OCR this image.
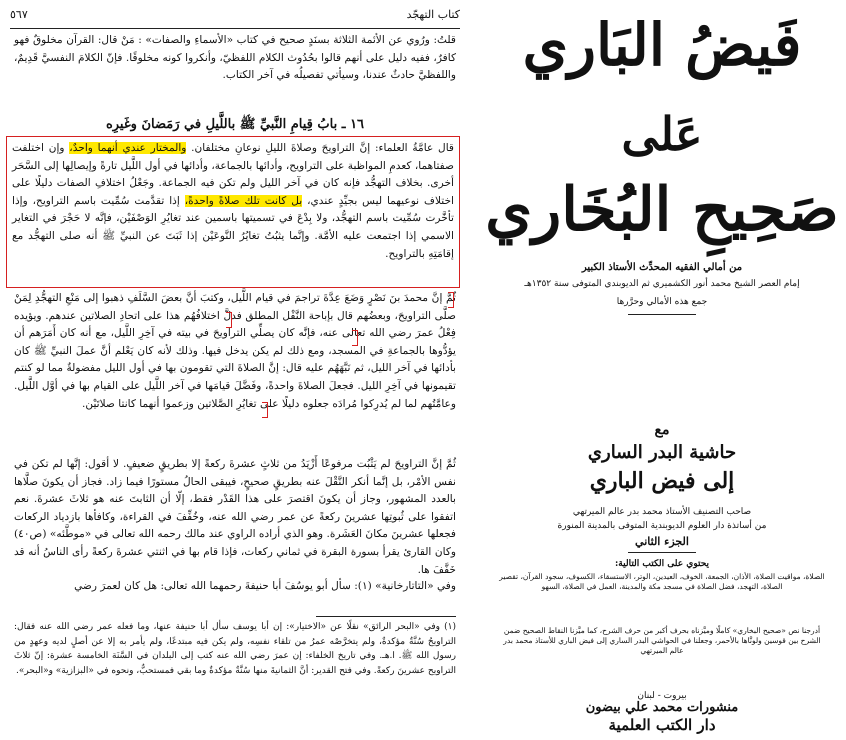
كتاب التهجّد
٥٦٧
قلتُ: ورُوي عن الأئمة الثلاثة بسنَدٍ صحيح في كتاب «الأسماءِ والصفات» : مَنْ قال: القرآن مخلوقٌ فهو كافرٌ، ففيه دليل على أنهم قالوا بحُدُوث الكلام اللفظيّ، وأنكروا كونه مخلوقًا. فإنّ الكلامَ النفسيَّ قَدِيمٌ، واللفظيَّ حادثٌ عندنا، وسيأتي تفصيلُه في آخر الكتاب.
١٦ ـ بابُ قِيامِ النَّبيِّ ﷺ باللَّيلِ في رَمَضانَ وغَيرِه
قال عامَّةُ العلماء: إنَّ التراويحَ وصلاةَ الليلِ نوعانِ مختلفان. والمختار عندي أنهما واحدٌ، وإن اختلفت صفتاهما، كعدمِ المواظبة على التراويح، وأدائها بالجماعة، وأدائها في أول اللَّيل تارةً وإيصالِها إلى السَّحَر أخرى. بخلاف التهجُّد فإنه كان في آخر الليل ولم تكن فيه الجماعة. وجَعْلُ اختلافِ الصفات دليلًا على اختلاف نوعيهما ليس بجيِّدٍ عندي، بل كانت تلك صلاةً واحدةً، إذا تقدَّمت سُمِّيت باسم التراويح، وإذا تأخَّرت سُمِّيت باسم التهجُّد، ولا بِدْعَ في تسميتها باسمين عند تغايُرِ الوَصْفَيْن، فإنَّه لا حَجْرَ في التغاير الاسمي إذا اجتمعت عليه الأمَّة. وإنَّما يثبُتُ تغايُرُ النَّوعَيْن إذا ثَبَتَ عن النبيِّ ﷺ أنه صلى التهجُّد مع إقامَتِهِ بالتراويح.
ثُمَّ إنَّ محمدَ بنَ نَصْرٍ وَضَعَ عِدَّةَ تراجمَ في قيام اللَّيل، وكتبَ أنَّ بعضَ السَّلَفِ ذهبوا إلى مَنْعِ التهجُّدِ لِمَنْ صلَّى التراويحَ، وبعضُهم قال بإباحة النَّفْل المطلق فدلَّ اختلافُهُم هذا على اتحادِ الصلاتين عندهم. ويؤيده فِعْلُ عمرَ رضي الله تعالى عنه، فإنَّه كان يصلِّي التراويحَ في بيته في آخِرِ اللَّيل، مع أنه كان أَمَرَهم أن يؤدُّوها بالجماعةِ في المسجد، ومع ذلك لم يكن يدخل فيها. وذلك لأنه كان يَعْلم أنَّ عملَ النبيِّ ﷺ كان بأدائها في آخر الليل، ثم نَبَّهَهُم عليه قال: إنَّ الصلاةَ التي تقومون بها في أول الليل مفضولةٌ مما لو كنتم تقيمونها في آخِرِ الليل. فجعلَ الصلاةَ واحدةً، وفَضَّلَ قيامَها في آخر اللَّيل على القيام بها في أوَّل اللَّيل. وعامَّتُهم لما لم يُدرِكوا مُرادَه جعلوه دليلًا على تغايُرِ الصَّلاتين وزعموا أنهما كانتا صلاتَيْن.
ثُمَّ إنَّ التراويحَ لم يَثْبُت مرفوعًا أَزْيَدُ من ثلاثٍ عشرةَ ركعةً إلا بطريقٍ ضعيفٍ. لا أقول: إنَّها لم تكن في نفس الأمْر، بل إنَّما أنكر النَّقْلَ عنه بطريقٍ صحيحٍ، فيبقى الحالُ مستورًا فيما زاد. فجاز أن يكونَ صلَّاها بالعدد المشهور، وجاز أن يكونَ اقتصرَ على هذا القَدْر فقط، إلّا أن الثابتَ عنه هو ثلاثَ عشرةَ. نعم اتفقوا على ثُبوتِها عشرينَ ركعةً عن عمر رضي الله عنه، وخُفِّفَ في القراءة، وكافأها بازدياد الركعات فجعلها عشرينَ مكانَ العَشَرة. وهو الذي أراده الراوي عند مالك رحمه الله تعالى في «موطَّئه» (ص٤٠) وكان القارئ يقرأ بسورة البقرة في ثماني ركعات، فإذا قام بها في اثنتي عشرةَ ركعةً رأى الناسُ أنه قد خَفَّفَ ها.
وفي «التاتارخانية» (١): سأل أبو يوسُفَ أبا حنيفةَ رحمهما الله تعالى: هل كان لعمرَ رضي
(١) وفي «البحر الرائق» نقلًا عن «الاختيار»: إن أبا يوسف سأل أبا حنيفة عنها، وما فعله عمر رضي الله عنه فقال: التراويحُ سُنَّةٌ مؤكدةٌ، ولم يتخرَّصْه عمرُ من تلقاء نفسِه، ولم يكن فيه مبتدعًا، ولم يأمر به إلا عن أصلٍ لديه وعهدٍ من رسول الله ﷺ. ا.هـ. وفي تاريخ الخلفاء: إن عمرَ رضي الله عنه كتب إلى البلدان في السَّنَة الخامسة عشرة: إنّ ثلاثَ التراويح عشرينَ ركعةً. وفي فتح القدير: أنَّ الثمانيةَ منها سُنَّةٌ مؤكدةٌ وما بقي فمستحبٌّ، ونحوه في «البزازية» و«البحر».
فَيضُ البَاري
عَلى
صَحِيحِ البُخَاري
من أمالي الفقيه المحدِّث الأستاذ الكبير
إمام العصر الشيخ محمد أنور الكشميري ثم الديوبندي المتوفى سنة ١٣٥٢هـ
جمع هذه الأمالي وحرَّرها
مع
حاشية البدر الساري
إلى فيض الباري
صاحب التصنيف الأستاذ محمد بدر عالم الميرتهي
من أساتذة دار العلوم الديوبندية المتوفى بالمدينة المنورة
الجزء الثاني
يحتوي على الكتب التالية:
الصلاة، مواقيت الصلاة، الأذان، الجمعة، الخوف، العيدين، الوتر، الاستسقاء، الكسوف، سجود القرآن، تقصير الصلاة، التهجد، فضل الصلاة في مسجد مكة والمدينة، العمل في الصلاة، السهو
أدرجنا نص «صحيح البخاري» كاملًا وميَّزناه بحرف أكبر من حرف الشرح، كما ميَّزنا النقاط الصحيح ضمن الشرح بين قوسين ولونَّاها بالأحمر، وجعلنا في الحواشي البدر الساري إلى فيض الباري للأستاذ محمد بدر عالم الميرتهي
منشورات محمد علي بيضون
بيروت - لبنان
دار الكتب العلمية
